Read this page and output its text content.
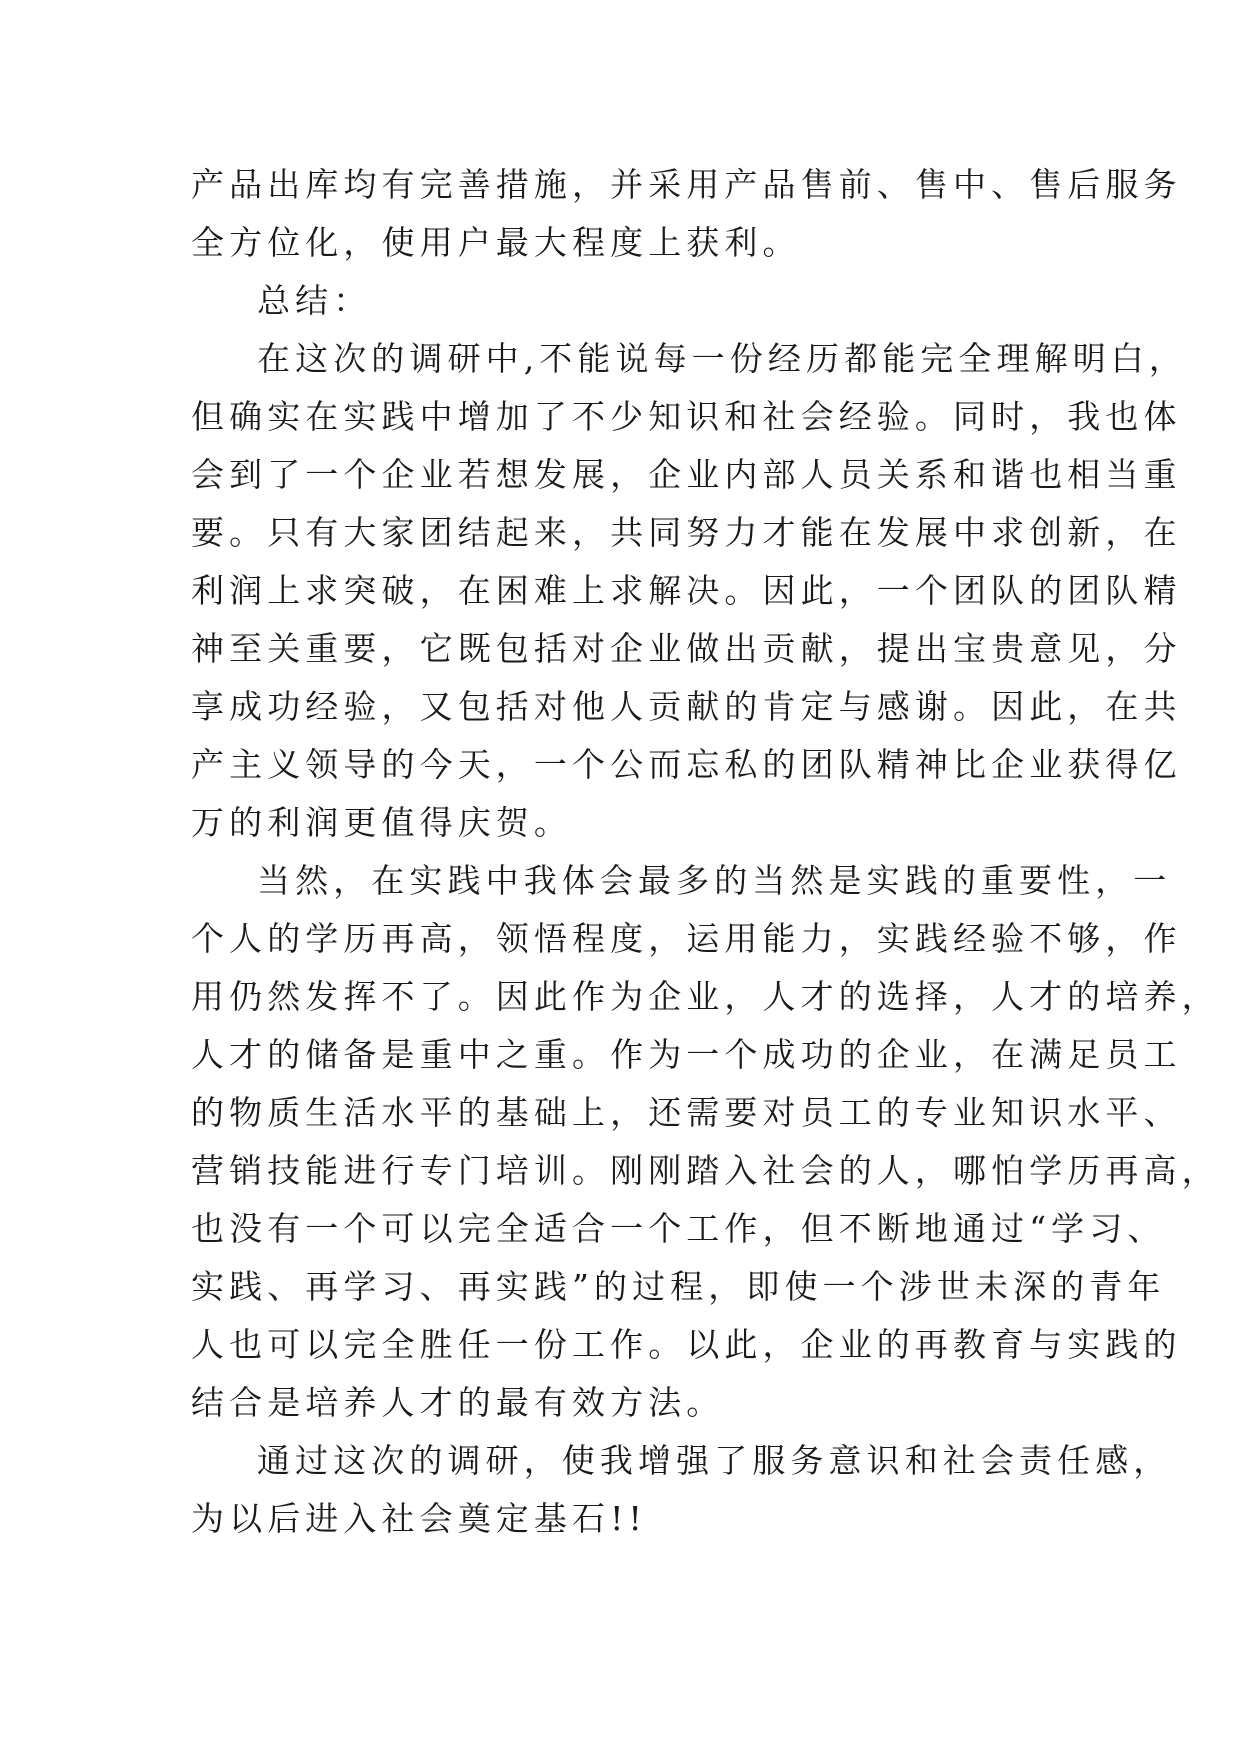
产品出库均有完善措施，并采用产品售前、售中、售后服务
全方位化，使用户最大程度上获利。
总结：
在这次的调研中,不能说每一份经历都能完全理解明白，
但确实在实践中增加了不少知识和社会经验。同时，我也体
会到了一个企业若想发展，企业内部人员关系和谐也相当重
要。只有大家团结起来，共同努力才能在发展中求创新，在
利润上求突破，在困难上求解决。因此，一个团队的团队精
神至关重要，它既包括对企业做出贡献，提出宝贵意见，分
享成功经验，又包括对他人贡献的肯定与感谢。因此，在共
产主义领导的今天，一个公而忘私的团队精神比企业获得亿
万的利润更值得庆贺。
当然，在实践中我体会最多的当然是实践的重要性，一
个人的学历再高，领悟程度，运用能力，实践经验不够，作
用仍然发挥不了。因此作为企业，人才的选择，人才的培养，
人才的储备是重中之重。作为一个成功的企业，在满足员工
的物质生活水平的基础上，还需要对员工的专业知识水平、
营销技能进行专门培训。刚刚踏入社会的人，哪怕学历再高，
也没有一个可以完全适合一个工作，但不断地通过“学习、
实践、再学习、再实践”的过程，即使一个涉世未深的青年
人也可以完全胜任一份工作。以此，企业的再教育与实践的
结合是培养人才的最有效方法。
通过这次的调研，使我增强了服务意识和社会责任感，
为以后进入社会奠定基石!!
